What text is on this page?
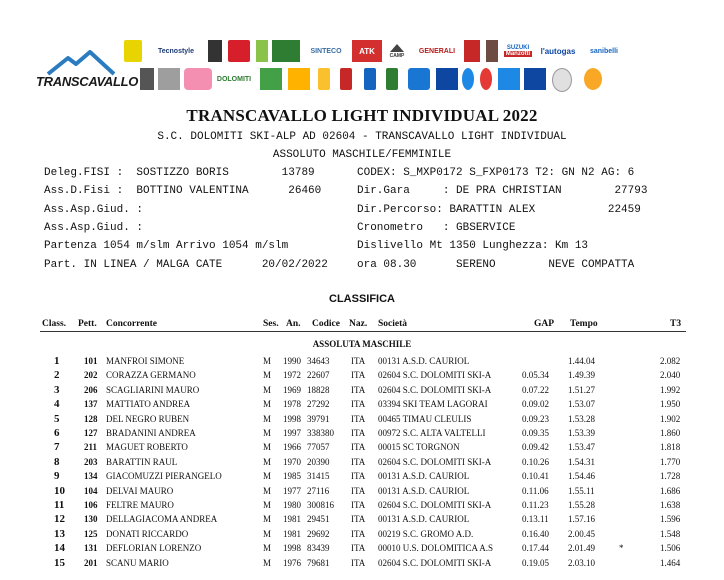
TRANSCAVALLO
Tecnostyle	SINTECO	ATK
CAMP
GENERALI	SUZUKI
Manzotti	l'autogas	sanibelli
DOLOMITI
TRANSCAVALLO LIGHT INDIVIDUAL 2022
S.C. DOLOMITI SKI-ALP AD 02604 - TRANSCAVALLO LIGHT INDIVIDUAL
ASSOLUTO MASCHILE/FEMMINILE
Deleg.FISI :  SOSTIZZO BORIS        13789	CODEX: S_MXP0172 S_FXP0173 T2: GN N2 AG: 6
Ass.D.Fisi :  BOTTINO VALENTINA      26460	Dir.Gara     : DE PRA CHRISTIAN        27793
Ass.Asp.Giud. :	Dir.Percorso: BARATTIN ALEX           22459
Ass.Asp.Giud. :	Cronometro   : GBSERVICE
Partenza 1054 m/slm Arrivo 1054 m/slm	Dislivello Mt 1350 Lunghezza: Km 13
Part. IN LINEA / MALGA CATE      20/02/2022	ora 08.30      SERENO        NEVE COMPATTA
CLASSIFICA
Class. Pett. Concorrente	Ses. An. Codice Naz. Società	GAP Tempo	T3
ASSOLUTA MASCHILE
1	101 MANFROI SIMONE	M 1990 34643 ITA 00131 A.S.D. CAURIOL	1.44.04	2.082
2	202 CORAZZA GERMANO	M 1972 22607 ITA 02604 S.C. DOLOMITI SKI-A	0.05.34 1.49.39	2.040
3	206 SCAGLIARINI MAURO	M 1969 18828 ITA 02604 S.C. DOLOMITI SKI-A	0.07.22 1.51.27	1.992
4	137 MATTIATO ANDREA	M 1978 27292 ITA 03394 SKI TEAM LAGORAI	0.09.02 1.53.07	1.950
5	128 DEL NEGRO RUBEN	M 1998 39791 ITA 00465 TIMAU CLEULIS	0.09.23 1.53.28	1.902
6	127 BRADANINI ANDREA	M 1997 338380 ITA 00972 S.C. ALTA VALTELLI	0.09.35 1.53.39	1.860
7	211 MAGUET ROBERTO	M 1966 77057 ITA 00015 SC TORGNON	0.09.42 1.53.47	1.818
8	203 BARATTIN RAUL	M 1970 20390 ITA 02604 S.C. DOLOMITI SKI-A	0.10.26 1.54.31	1.770
9	134 GIACOMUZZI PIERANGELO	M 1985 31415 ITA 00131 A.S.D. CAURIOL	0.10.41 1.54.46	1.728
10 104 DELVAI MAURO	M 1977 27116 ITA 00131 A.S.D. CAURIOL	0.11.06 1.55.11	1.686
11 106 FELTRE MAURO	M 1980 300816 ITA 02604 S.C. DOLOMITI SKI-A	0.11.23 1.55.28	1.638
12 130 DELLAGIACOMA ANDREA	M 1981 29451 ITA 00131 A.S.D. CAURIOL	0.13.11 1.57.16	1.596
13 125 DONATI RICCARDO	M 1981 29692 ITA 00219 S.C. GROMO A.D.	0.16.40 2.00.45	1.548
14 131 DEFLORIAN LORENZO	M 1998 83439 ITA 00010 U.S. DOLOMITICA A.S	0.17.44 2.01.49	*	1.506
15 201 SCANU MARIO	M 1976 79681 ITA 02604 S.C. DOLOMITI SKI-A	0.19.05 2.03.10	1.464
